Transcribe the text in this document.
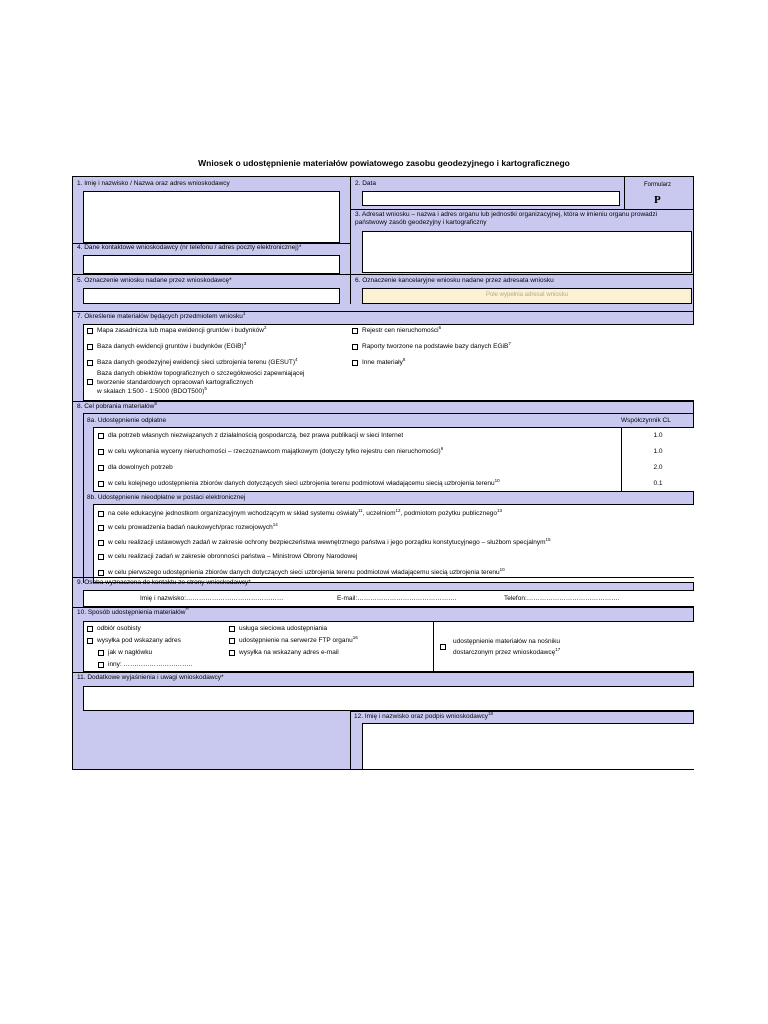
Wniosek o udostępnienie materiałów powiatowego zasobu geodezyjnego i kartograficznego
1. Imię i nazwisko / Nazwa oraz adres wnioskodawcy	2. Data	Formularz
P
3. Adresat wniosku – nazwa i adres organu lub jednostki organizacyjnej, która w imieniu organu prowadzi państwowy zasób geodezyjny i kartograficzny
4. Dane kontaktowe wnioskodawcy (nr telefonu / adres poczty elektronicznej)*
5. Oznaczenie wniosku nadane przez wnioskodawcę*	6. Oznaczenie kancelaryjne wniosku nadane przez adresata wniosku
Pole wypełnia adresat wniosku
7. Określenie materiałów będących przedmiotem wniosku$^1$
Mapa zasadnicza lub mapa ewidencji gruntów i budynków$^2$
Baza danych ewidencji gruntów i budynków (EGiB)$^3$
Baza danych geodezyjnej ewidencji sieci uzbrojenia terenu (GESUT)$^4$
Baza danych obiektów topograficznych o szczegółowości zapewniającej
tworzenie standardowych opracowań kartograficznych
w skalach 1:500 - 1:5000 (BDOT500)$^5$
Rejestr cen nieruchomości$^6$
Raporty tworzone na podstawie bazy danych EGiB$^7$
Inne materiały$^8$
8. Cel pobrania materiałów$^9$
8a. Udostępnienie odpłatne	Współczynnik CL
dla potrzeb własnych niezwiązanych z działalnością gospodarczą, bez prawa publikacji w sieci Internet	1.0
w celu wykonania wyceny nieruchomości – rzeczoznawcom majątkowym (dotyczy tylko rejestru cen nieruchomości)$^6$	1.0
dla dowolnych potrzeb	2.0
w celu kolejnego udostępnienia zbiorów danych dotyczących sieci uzbrojenia terenu podmiotowi władającemu siecią uzbrojenia terenu$^{10}$	0.1
8b. Udostępnienie nieodpłatne w postaci elektronicznej
na cele edukacyjne jednostkom organizacyjnym wchodzącym w skład systemu oświaty$^{11}$, uczelniom$^{12}$, podmiotom pożytku publicznego$^{13}$
w celu prowadzenia badań naukowych/prac rozwojowych$^{14}$
w celu realizacji ustawowych zadań w zakresie ochrony bezpieczeństwa wewnętrznego państwa i jego porządku konstytucyjnego – służbom specjalnym$^{15}$
w celu realizacji zadań w zakresie obronności państwa – Ministrowi Obrony Narodowej
w celu pierwszego udostępnienia zbiorów danych dotyczących sieci uzbrojenia terenu podmiotowi władającemu siecią uzbrojenia terenu$^{10}$
9. Osoba wyznaczona do kontaktu ze strony wnioskodawcy*
Imię i nazwisko:………………………………………	E-mail:……………………………………….	Telefon:…………………………………….
10. Sposób udostępnienia materiałów**
odbiór osobisty
wysyłka pod wskazany adres
jak w nagłówku
inny: …………………………..
usługa sieciowa udostępniania
udostępnienie na serwerze FTP organu$^{16}$
wysyłka na wskazany adres e-mail
udostępnienie materiałów na nośniku
dostarczonym przez wnioskodawcę$^{17}$
11. Dodatkowe wyjaśnienia i uwagi wnioskodawcy*
12. Imię i nazwisko oraz podpis wnioskodawcy$^{18}$
